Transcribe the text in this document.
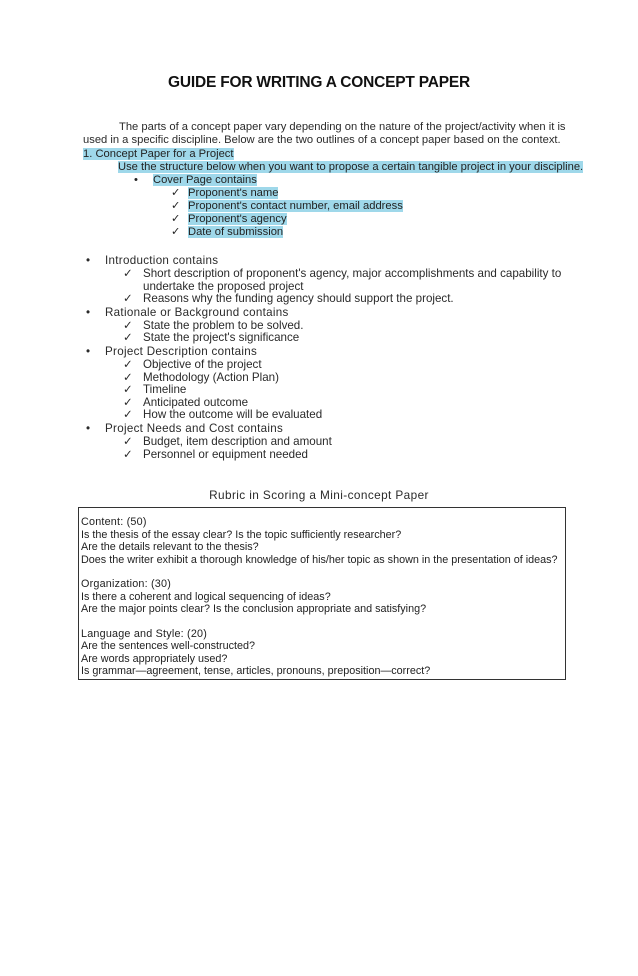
GUIDE FOR WRITING A CONCEPT PAPER
The parts of a concept paper vary depending on the nature of the project/activity when it is used in a specific discipline. Below are the two outlines of a concept paper based on the context.
1. Concept Paper for a Project
Use the structure below when you want to propose a certain tangible project in your discipline.
• Cover Page contains
✓ Proponent's name
✓ Proponent's contact number, email address
✓ Proponent's agency
✓ Date of submission
• Introduction contains
✓ Short description of proponent's agency, major accomplishments and capability to undertake the proposed project
✓ Reasons why the funding agency should support the project.
• Rationale or Background contains
✓ State the problem to be solved.
✓ State the project's significance
• Project Description contains
✓ Objective of the project
✓ Methodology (Action Plan)
✓ Timeline
✓ Anticipated outcome
✓ How the outcome will be evaluated
• Project Needs and Cost contains
✓ Budget, item description and amount
✓ Personnel or equipment needed
Rubric in Scoring a Mini-concept Paper
Content: (50)
Is the thesis of the essay clear? Is the topic sufficiently researcher?
Are the details relevant to the thesis?
Does the writer exhibit a thorough knowledge of his/her topic as shown in the presentation of ideas?
Organization: (30)
Is there a coherent and logical sequencing of ideas?
Are the major points clear? Is the conclusion appropriate and satisfying?
Language and Style: (20)
Are the sentences well-constructed?
Are words appropriately used?
Is grammar—agreement, tense, articles, pronouns, preposition—correct?
